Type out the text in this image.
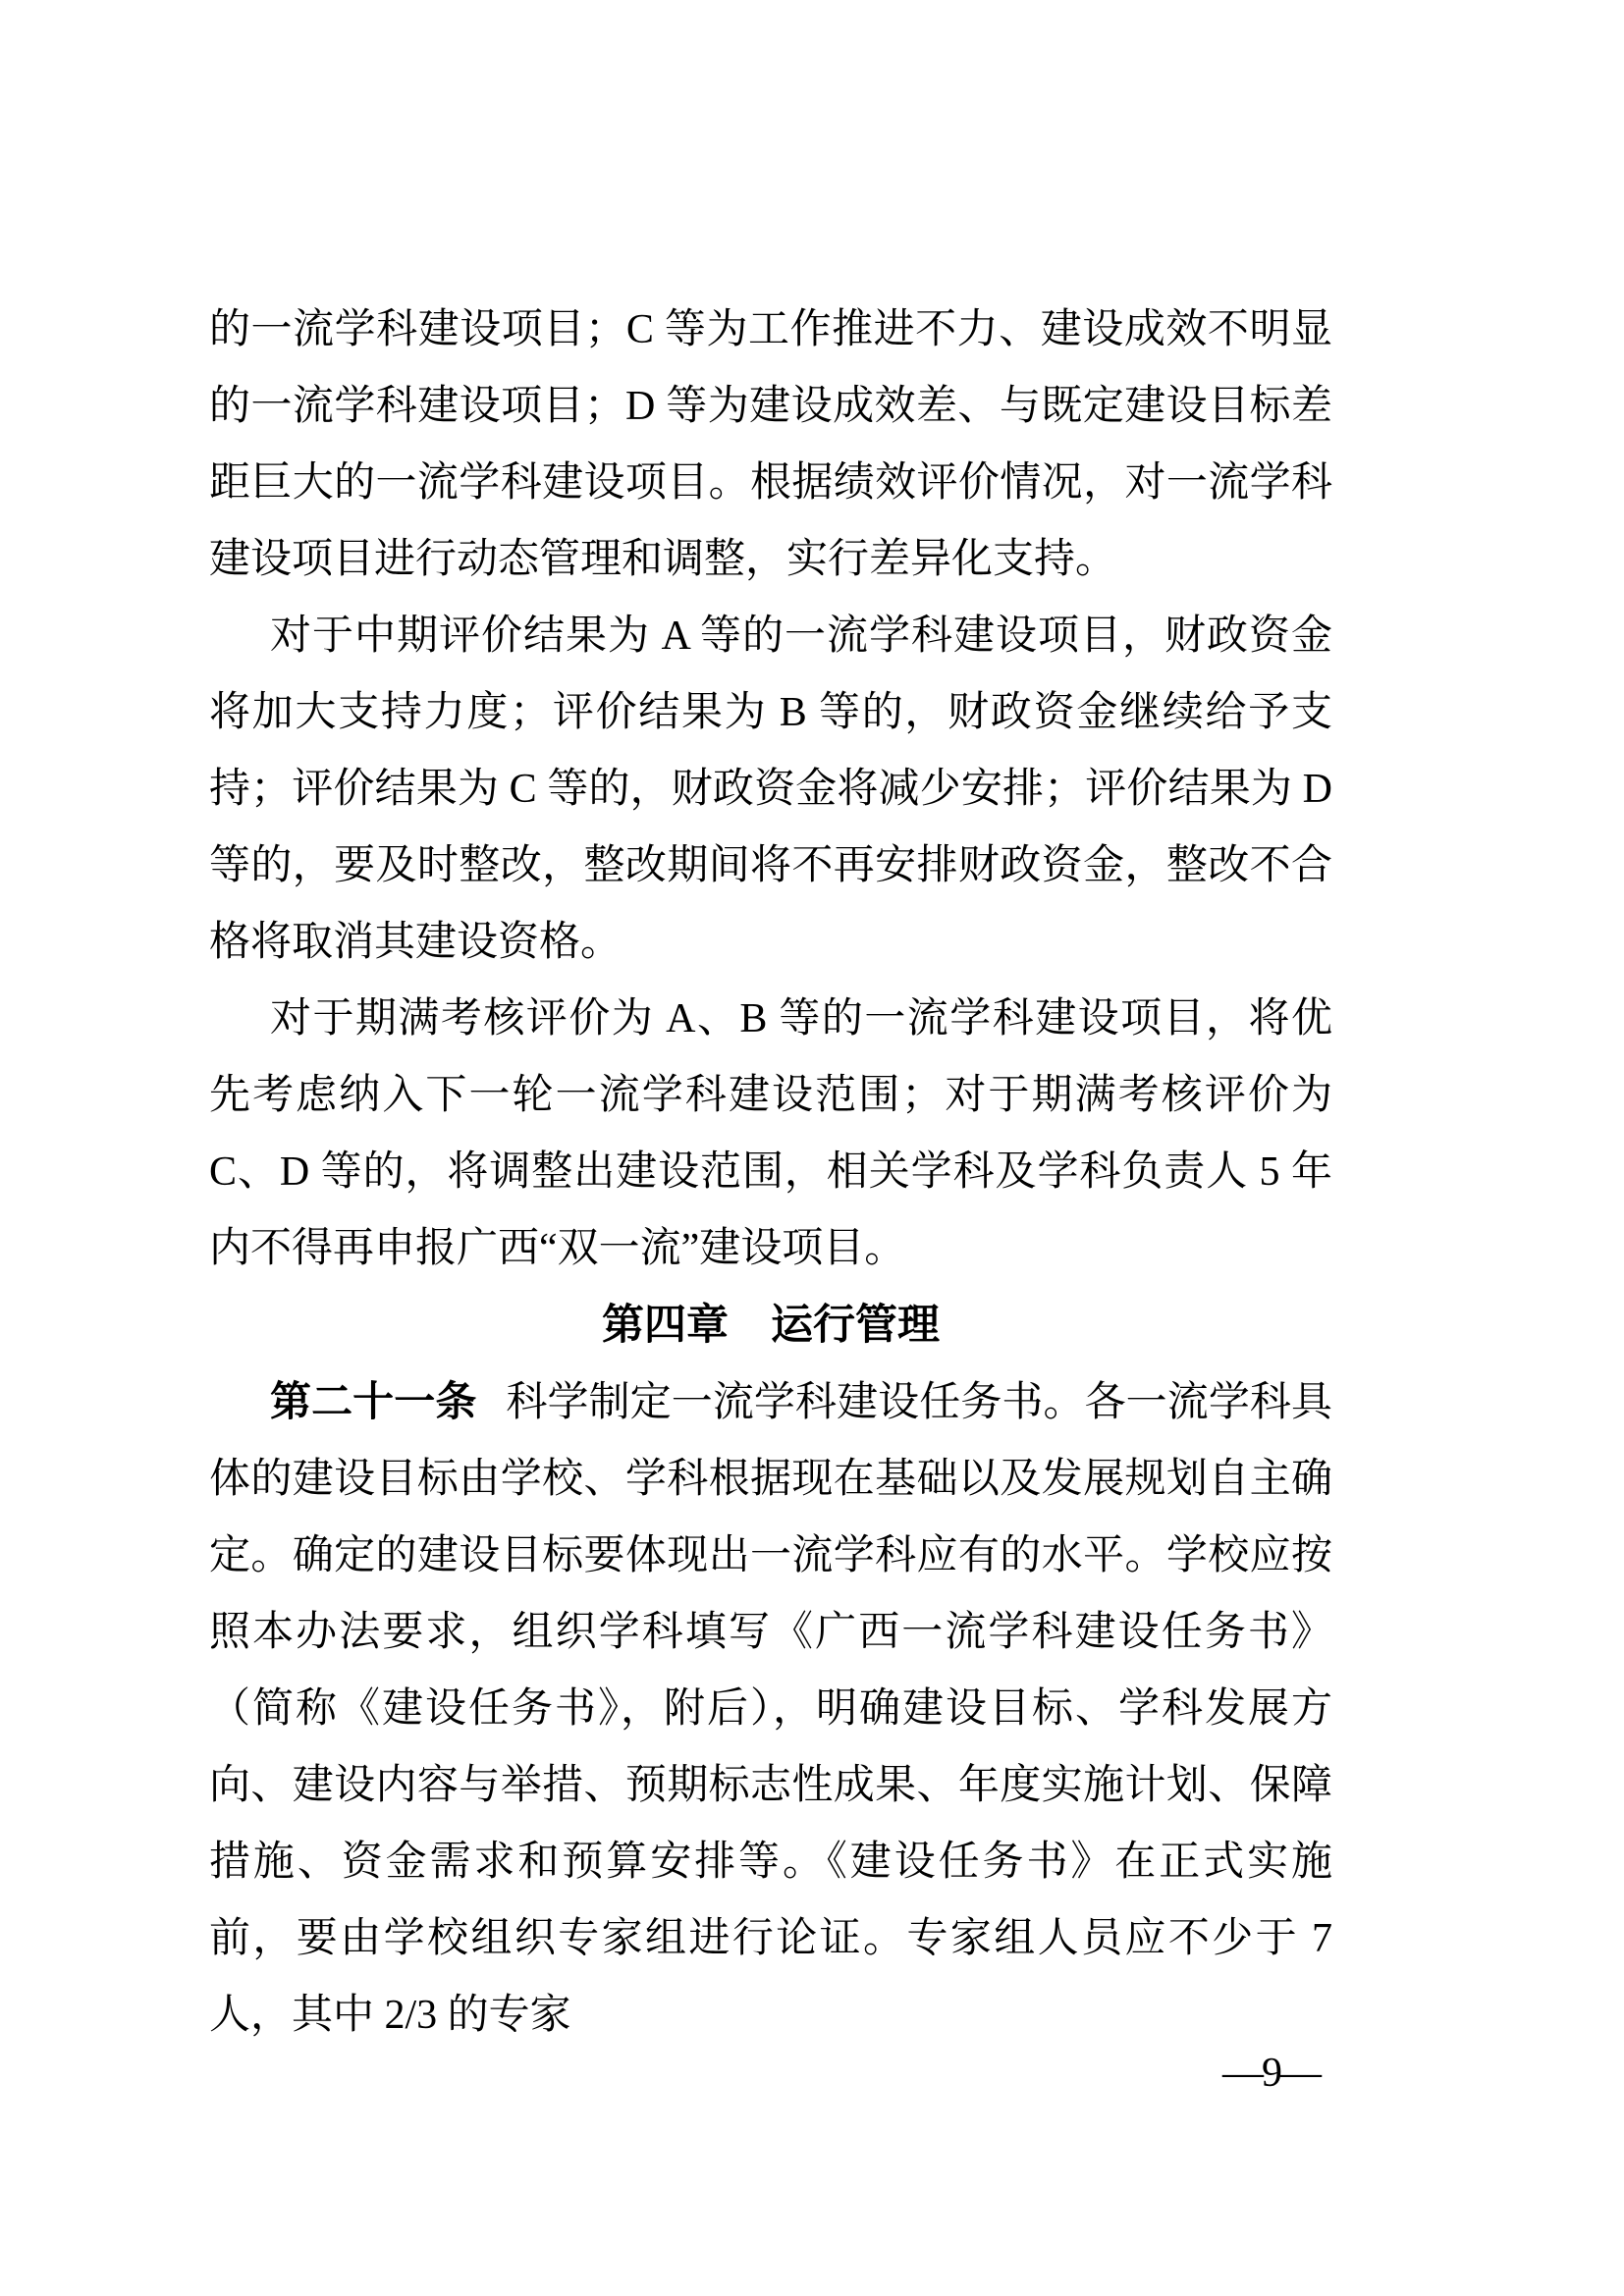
的一流学科建设项目；C 等为工作推进不力、建设成效不明显的一流学科建设项目；D 等为建设成效差、与既定建设目标差距巨大的一流学科建设项目。根据绩效评价情况，对一流学科建设项目进行动态管理和调整，实行差异化支持。

对于中期评价结果为 A 等的一流学科建设项目，财政资金将加大支持力度；评价结果为 B 等的，财政资金继续给予支持；评价结果为 C 等的，财政资金将减少安排；评价结果为 D 等的，要及时整改，整改期间将不再安排财政资金，整改不合格将取消其建设资格。

对于期满考核评价为 A、B 等的一流学科建设项目，将优先考虑纳入下一轮一流学科建设范围；对于期满考核评价为 C、D 等的，将调整出建设范围，相关学科及学科负责人 5 年内不得再申报广西“双一流”建设项目。

第四章　运行管理

第二十一条 科学制定一流学科建设任务书。各一流学科具体的建设目标由学校、学科根据现在基础以及发展规划自主确定。确定的建设目标要体现出一流学科应有的水平。学校应按照本办法要求，组织学科填写《广西一流学科建设任务书》（简称《建设任务书》，附后），明确建设目标、学科发展方向、建设内容与举措、预期标志性成果、年度实施计划、保障措施、资金需求和预算安排等。《建设任务书》在正式实施前，要由学校组织专家组进行论证。专家组人员应不少于 7 人，其中 2/3 的专家

—9—
